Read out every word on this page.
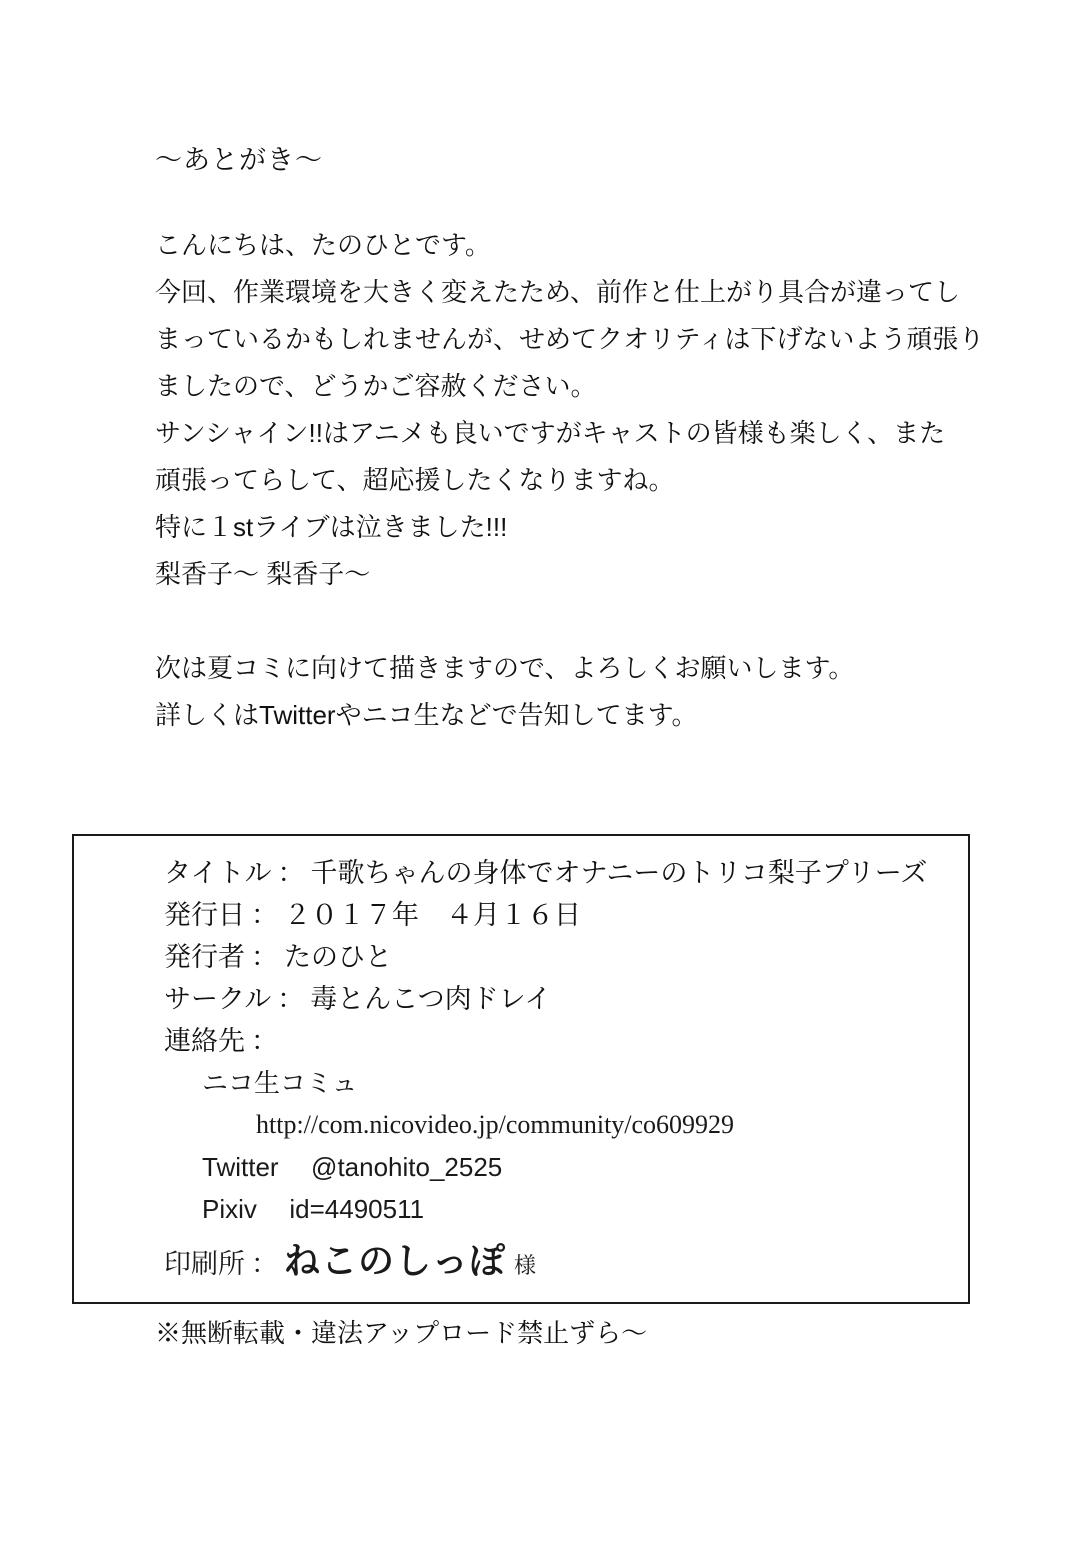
〜あとがき〜
こんにちは、たのひとです。
今回、作業環境を大きく変えたため、前作と仕上がり具合が違ってし
まっているかもしれませんが、せめてクオリティは下げないよう頑張り
ましたので、どうかご容赦ください。
サンシャイン!!はアニメも良いですがキャストの皆様も楽しく、また
頑張ってらして、超応援したくなりますね。
特に１stライブは泣きました!!!
梨香子〜 梨香子〜
次は夏コミに向けて描きますので、よろしくお願いします。
詳しくはTwitterやニコ生などで告知してます。
タイトル ： 千歌ちゃんの身体でオナニーのトリコ梨子プリーズ
発行日 ： ２０１７年　４月１６日
発行者 ： たのひと
サークル ： 毒とんこつ肉ドレイ
連絡先 ：
ニコ生コミュ
http://com.nicovideo.jp/community/co609929
Twitter @tanohito_2525
Pixiv id=4490511
印刷所 ： ねこのしっぽ 様
※無断転載・違法アップロード禁止ずら〜
